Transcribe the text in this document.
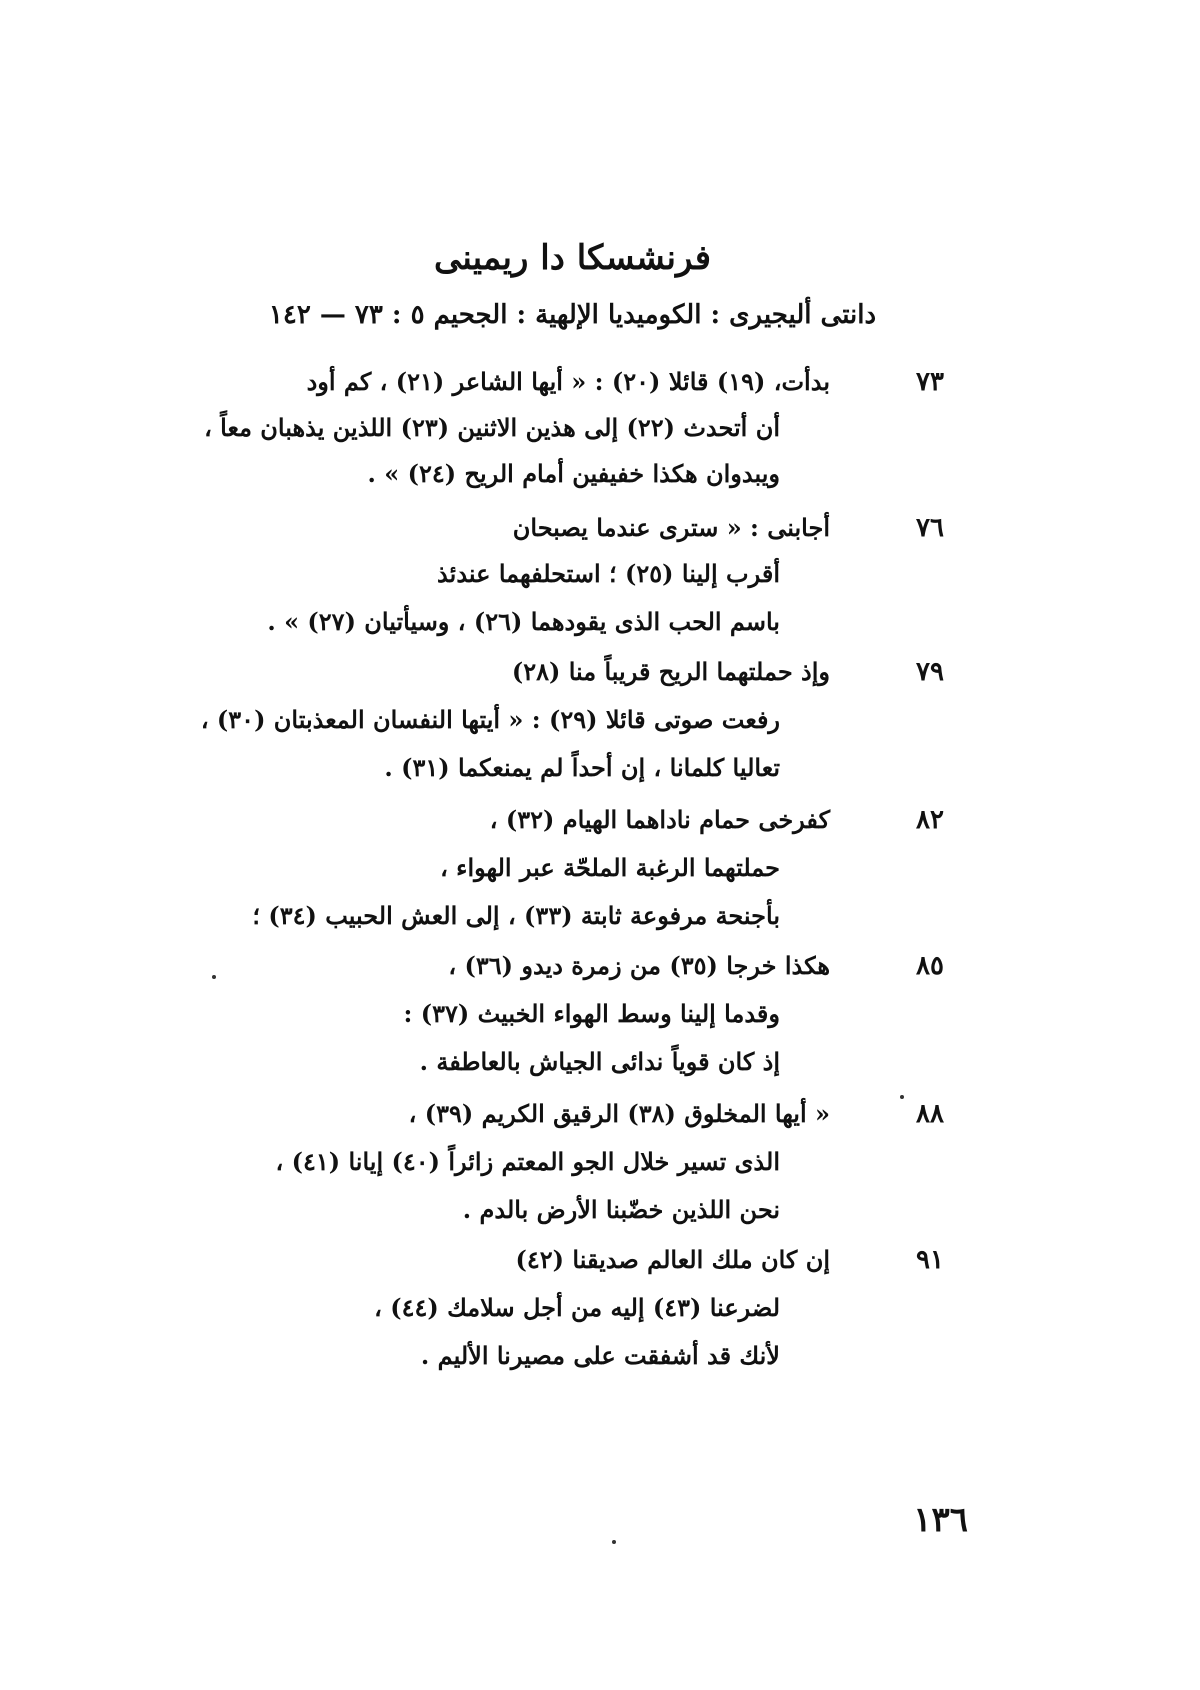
فرنشسكا دا ريمينى
دانتى أليجيرى : الكوميديا الإلهية : الجحيم ٥ : ٧٣ — ١٤٢
٧٣
بدأت، (١٩) قائلا (٢٠) : « أيها الشاعر (٢١) ، كم أود
أن أتحدث (٢٢) إلى هذين الاثنين (٢٣) اللذين يذهبان معاً ،
ويبدوان هكذا خفيفين أمام الريح (٢٤) » .
٧٦
أجابنى : « سترى عندما يصبحان
أقرب إلينا (٢٥) ؛ استحلفهما عندئذ
باسم الحب الذى يقودهما (٢٦) ، وسيأتيان (٢٧) » .
٧٩
وإذ حملتهما الريح قريباً منا (٢٨)
رفعت صوتى قائلا (٢٩) : « أيتها النفسان المعذبتان (٣٠) ،
تعاليا كلمانا ، إن أحداً لم يمنعكما (٣١) .
٨٢
كفرخى حمام ناداهما الهيام (٣٢) ،
حملتهما الرغبة الملحّة عبر الهواء ،
بأجنحة مرفوعة ثابتة (٣٣) ، إلى العش الحبيب (٣٤) ؛
٨٥
هكذا خرجا (٣٥) من زمرة ديدو (٣٦) ،
وقدما إلينا وسط الهواء الخبيث (٣٧) :
إذ كان قوياً ندائى الجياش بالعاطفة .
٨٨
« أيها المخلوق (٣٨) الرقيق الكريم (٣٩) ،
الذى تسير خلال الجو المعتم زائراً (٤٠) إيانا (٤١) ،
نحن اللذين خضّبنا الأرض بالدم .
٩١
إن كان ملك العالم صديقنا (٤٢)
لضرعنا (٤٣) إليه من أجل سلامك (٤٤) ،
لأنك قد أشفقت على مصيرنا الأليم .
١٣٦
